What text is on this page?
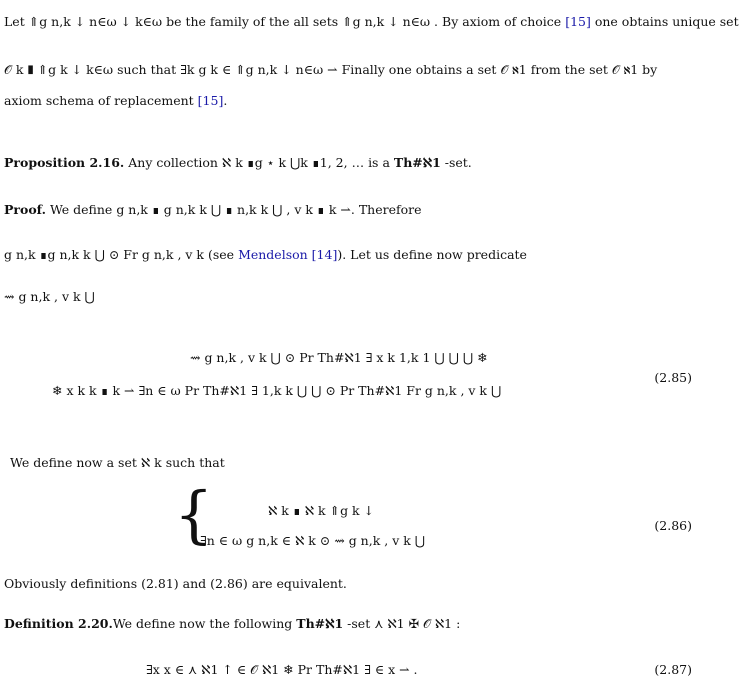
Let ⇑g n,k ↓ n∈ω ↓ k∈ω be the family of the all sets ⇑g n,k ↓ n∈ω . By axiom of choice [15] one obtains unique set
𝒪 k ∎ ⇑g k ↓ k∈ω such that ∃k g k ∈ ⇑g n,k ↓ n∈ω ⇀ Finally one obtains a set 𝒪 ℵ1 from the set 𝒪 ℵ1 by
axiom schema of replacement [15].
Proposition 2.16. Any collection ℵ k ∎g ⋆ k ⋃k ∎1, 2, … is a Th#ℵ1 -set.
Proof. We define g n,k ∎ g n,k k ⋃ ∎ n,k k ⋃ , v k ∎ k ⇀. Therefore
g n,k ∎g n,k k ⋃ ⊙ Fr g n,k , v k (see Mendelson [14]). Let us define now predicate
⇝ g n,k , v k ⋃
⇝ g n,k , v k ⋃ ⊙ Pr Th#ℵ1 ∃ x k 1,k 1 ⋃ ⋃ ⋃ ❄
❄ x k k ∎ k ⇀ ∃n ∈ ω Pr Th#ℵ1 ∃ 1,k k ⋃ ⋃ ⊙ Pr Th#ℵ1 Fr g n,k , v k ⋃
(2.85)
We define now a set ℵ k such that
{	ℵ k ∎ ℵ k ⇑g k ↓
∃n ∈ ω g n,k ∈ ℵ k ⊙ ⇝ g n,k , v k ⋃
(2.86)
Obviously definitions (2.81) and (2.86) are equivalent.
Definition 2.20.We define now the following Th#ℵ1 -set ⋏ ℵ1 ✠ 𝒪 ℵ1 :
∃x x ∈ ⋏ ℵ1 ↑ ∈ 𝒪 ℵ1 ❄ Pr Th#ℵ1 ∃ ∈ x ⇀ .	(2.87)
